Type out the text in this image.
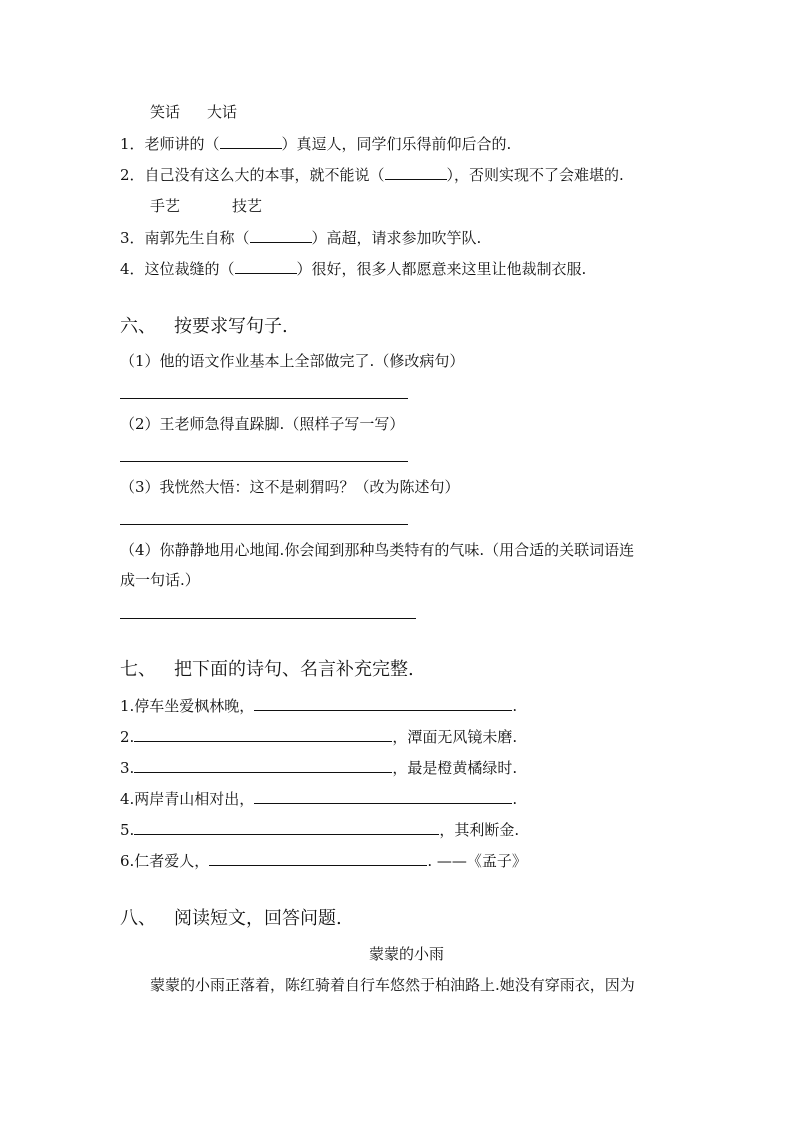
笑话 大话
1．老师讲的（	）真逗人，同学们乐得前仰后合的.
2．自己没有这么大的本事，就不能说（	），否则实现不了会难堪的.
手艺	技艺
3．南郭先生自称（	）高超，请求参加吹竽队.
4．这位裁缝的（	）很好，很多人都愿意来这里让他裁制衣服.
六、 按要求写句子.
（1）他的语文作业基本上全部做完了.（修改病句）
（2）王老师急得直跺脚.（照样子写一写）
（3）我恍然大悟：这不是刺猬吗？（改为陈述句）
（4）你静静地用心地闻.你会闻到那种鸟类特有的气味.（用合适的关联词语连
成一句话.）
七、 把下面的诗句、名言补充完整.
1.停车坐爱枫林晚，	.
2.	，潭面无风镜未磨.
3.	，最是橙黄橘绿时.
4.两岸青山相对出，	.
5.	，其利断金.
6.仁者爱人，	. ——《孟子》
八、 阅读短文，回答问题.
蒙蒙的小雨
蒙蒙的小雨正落着，陈红骑着自行车悠然于柏油路上.她没有穿雨衣，因为
